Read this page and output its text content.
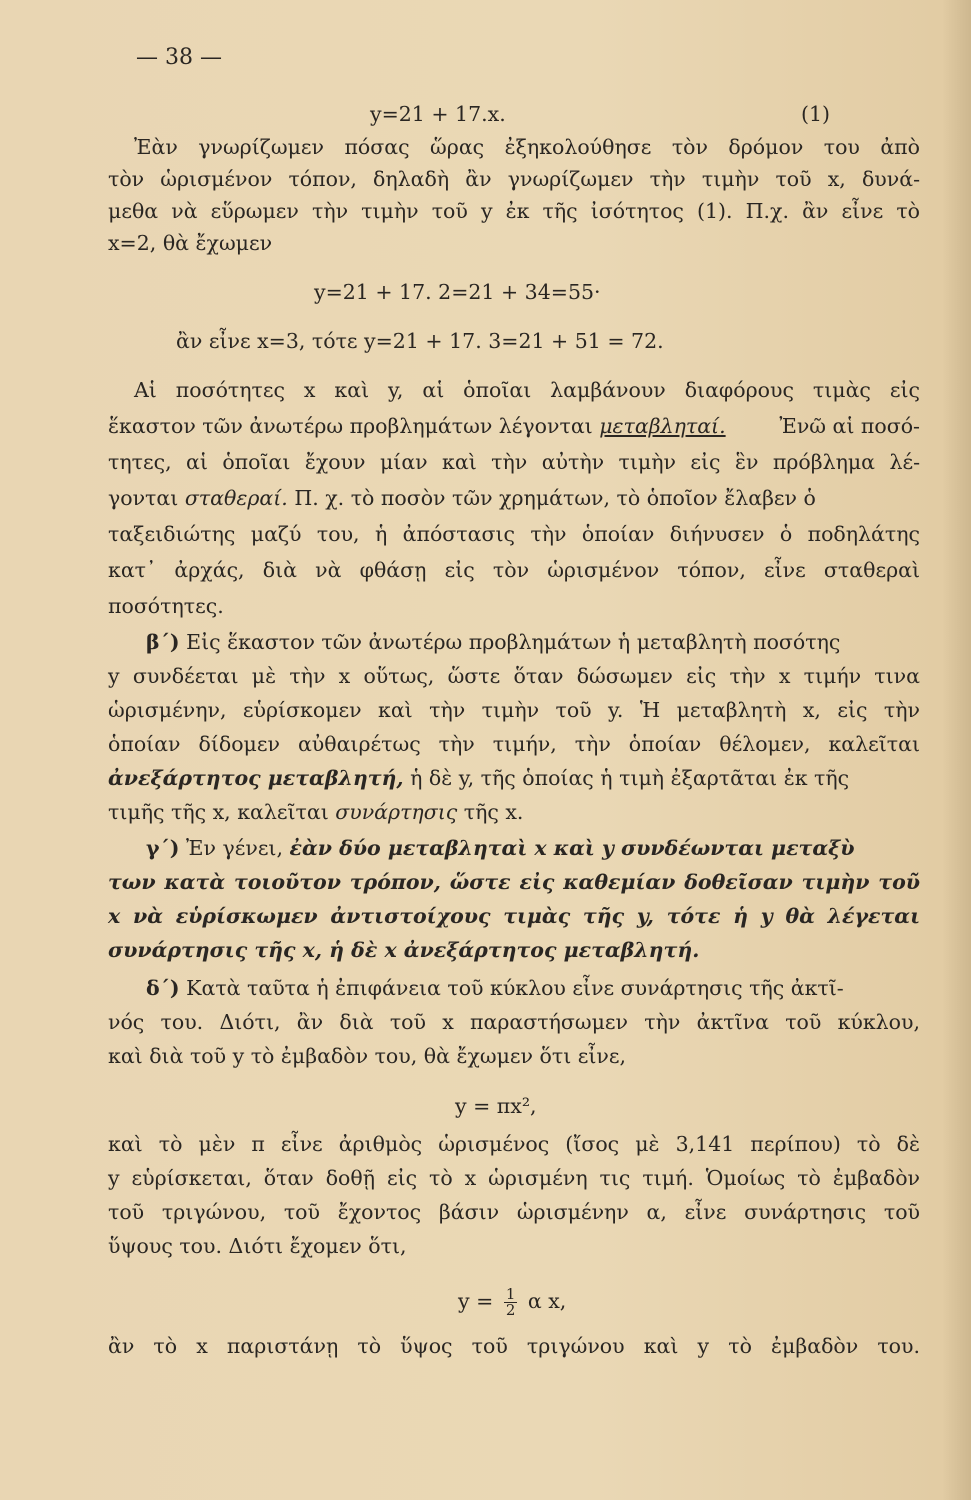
— 38 —
y=21 + 17.x.	(1)
Ἐὰν γνωρίζωμεν πόσας ὥρας ἐξηκολούθησε τὸν δρόμον του ἀπὸ
τὸν ὡρισμένον τόπον, δηλαδὴ ἂν γνωρίζωμεν τὴν τιμὴν τοῦ x, δυνά-
μεθα νὰ εὕρωμεν τὴν τιμὴν τοῦ y ἐκ τῆς ἰσότητος (1). Π.χ. ἂν εἶνε τὸ
x=2, θὰ ἔχωμεν
y=21 + 17. 2=21 + 34=55·
ἂν εἶνε x=3, τότε y=21 + 17. 3=21 + 51 = 72.
Αἱ ποσότητες x καὶ y, αἱ ὁποῖαι λαμβάνουν διαφόρους τιμὰς εἰς
ἕκαστον τῶν ἀνωτέρω προβλημάτων λέγονται μεταβληταί.	Ἐνῶ αἱ ποσό-
τητες, αἱ ὁποῖαι ἔχουν μίαν καὶ τὴν αὐτὴν τιμὴν εἰς ἓν πρόβλημα λέ-
γονται σταθεραί. Π. χ. τὸ ποσὸν τῶν χρημάτων, τὸ ὁποῖον ἔλαβεν ὁ
ταξειδιώτης μαζύ του, ἡ ἀπόστασις τὴν ὁποίαν διήνυσεν ὁ ποδηλάτης
κατ᾽ ἀρχάς, διὰ νὰ φθάσῃ εἰς τὸν ὡρισμένον τόπον, εἶνε σταθεραὶ
ποσότητες.
β΄) Εἰς ἕκαστον τῶν ἀνωτέρω προβλημάτων ἡ μεταβλητὴ ποσότης
y συνδέεται μὲ τὴν x οὕτως, ὥστε ὅταν δώσωμεν εἰς τὴν x τιμήν τινα
ὡρισμένην, εὑρίσκομεν καὶ τὴν τιμὴν τοῦ y. Ἡ μεταβλητὴ x, εἰς τὴν
ὁποίαν δίδομεν αὐθαιρέτως τὴν τιμήν, τὴν ὁποίαν θέλομεν, καλεῖται
ἀνεξάρτητος μεταβλητή, ἡ δὲ y, τῆς ὁποίας ἡ τιμὴ ἐξαρτᾶται ἐκ τῆς
τιμῆς τῆς x, καλεῖται συνάρτησις τῆς x.
γ΄) Ἐν γένει, ἐὰν δύο μεταβληταὶ x καὶ y συνδέωνται μεταξὺ
των κατὰ τοιοῦτον τρόπον, ὥστε εἰς καθεμίαν δοθεῖσαν τιμὴν τοῦ
x νὰ εὑρίσκωμεν ἀντιστοίχους τιμὰς τῆς y, τότε ἡ y θὰ λέγεται
συνάρτησις τῆς x, ἡ δὲ x ἀνεξάρτητος μεταβλητή.
δ΄) Κατὰ ταῦτα ἡ ἐπιφάνεια τοῦ κύκλου εἶνε συνάρτησις τῆς ἀκτῖ-
νός του. Διότι, ἂν διὰ τοῦ x παραστήσωμεν τὴν ἀκτῖνα τοῦ κύκλου,
καὶ διὰ τοῦ y τὸ ἐμβαδὸν του, θὰ ἔχωμεν ὅτι εἶνε,
y = πx²,
καὶ τὸ μὲν π εἶνε ἀριθμὸς ὡρισμένος (ἴσος μὲ 3,141 περίπου) τὸ δὲ
y εὑρίσκεται, ὅταν δοθῇ εἰς τὸ x ὡρισμένη τις τιμή. Ὁμοίως τὸ ἐμβαδὸν
τοῦ τριγώνου, τοῦ ἔχοντος βάσιν ὡρισμένην α, εἶνε συνάρτησις τοῦ
ὕψους του. Διότι ἔχομεν ὅτι,
$y = \frac{1}{2}$ α x,
ἂν τὸ x παριστάνῃ τὸ ὕψος τοῦ τριγώνου καὶ y τὸ ἐμβαδὸν του.
